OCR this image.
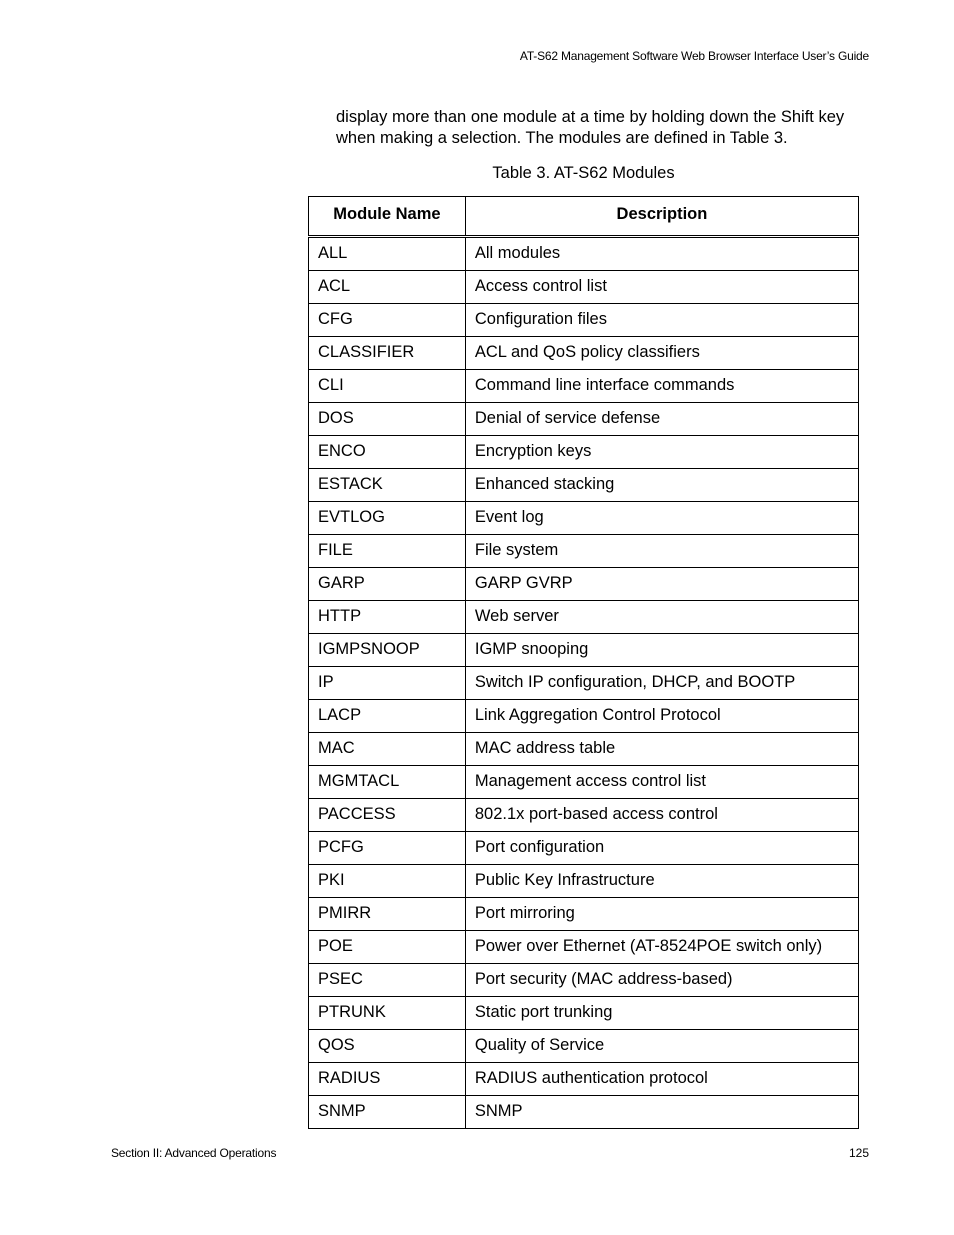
AT-S62 Management Software Web Browser Interface User’s Guide

display more than one module at a time by holding down the Shift key when making a selection. The modules are defined in Table 3.

Table 3. AT-S62 Modules
Module Name	Description
ALL	All modules
ACL	Access control list
CFG	Configuration files
CLASSIFIER	ACL and QoS policy classifiers
CLI	Command line interface commands
DOS	Denial of service defense
ENCO	Encryption keys
ESTACK	Enhanced stacking
EVTLOG	Event log
FILE	File system
GARP	GARP GVRP
HTTP	Web server
IGMPSNOOP	IGMP snooping
IP	Switch IP configuration, DHCP, and BOOTP
LACP	Link Aggregation Control Protocol
MAC	MAC address table
MGMTACL	Management access control list
PACCESS	802.1x port-based access control
PCFG	Port configuration
PKI	Public Key Infrastructure
PMIRR	Port mirroring
POE	Power over Ethernet (AT-8524POE switch only)
PSEC	Port security (MAC address-based)
PTRUNK	Static port trunking
QOS	Quality of Service
RADIUS	RADIUS authentication protocol
SNMP	SNMP
Section II: Advanced Operations	125
